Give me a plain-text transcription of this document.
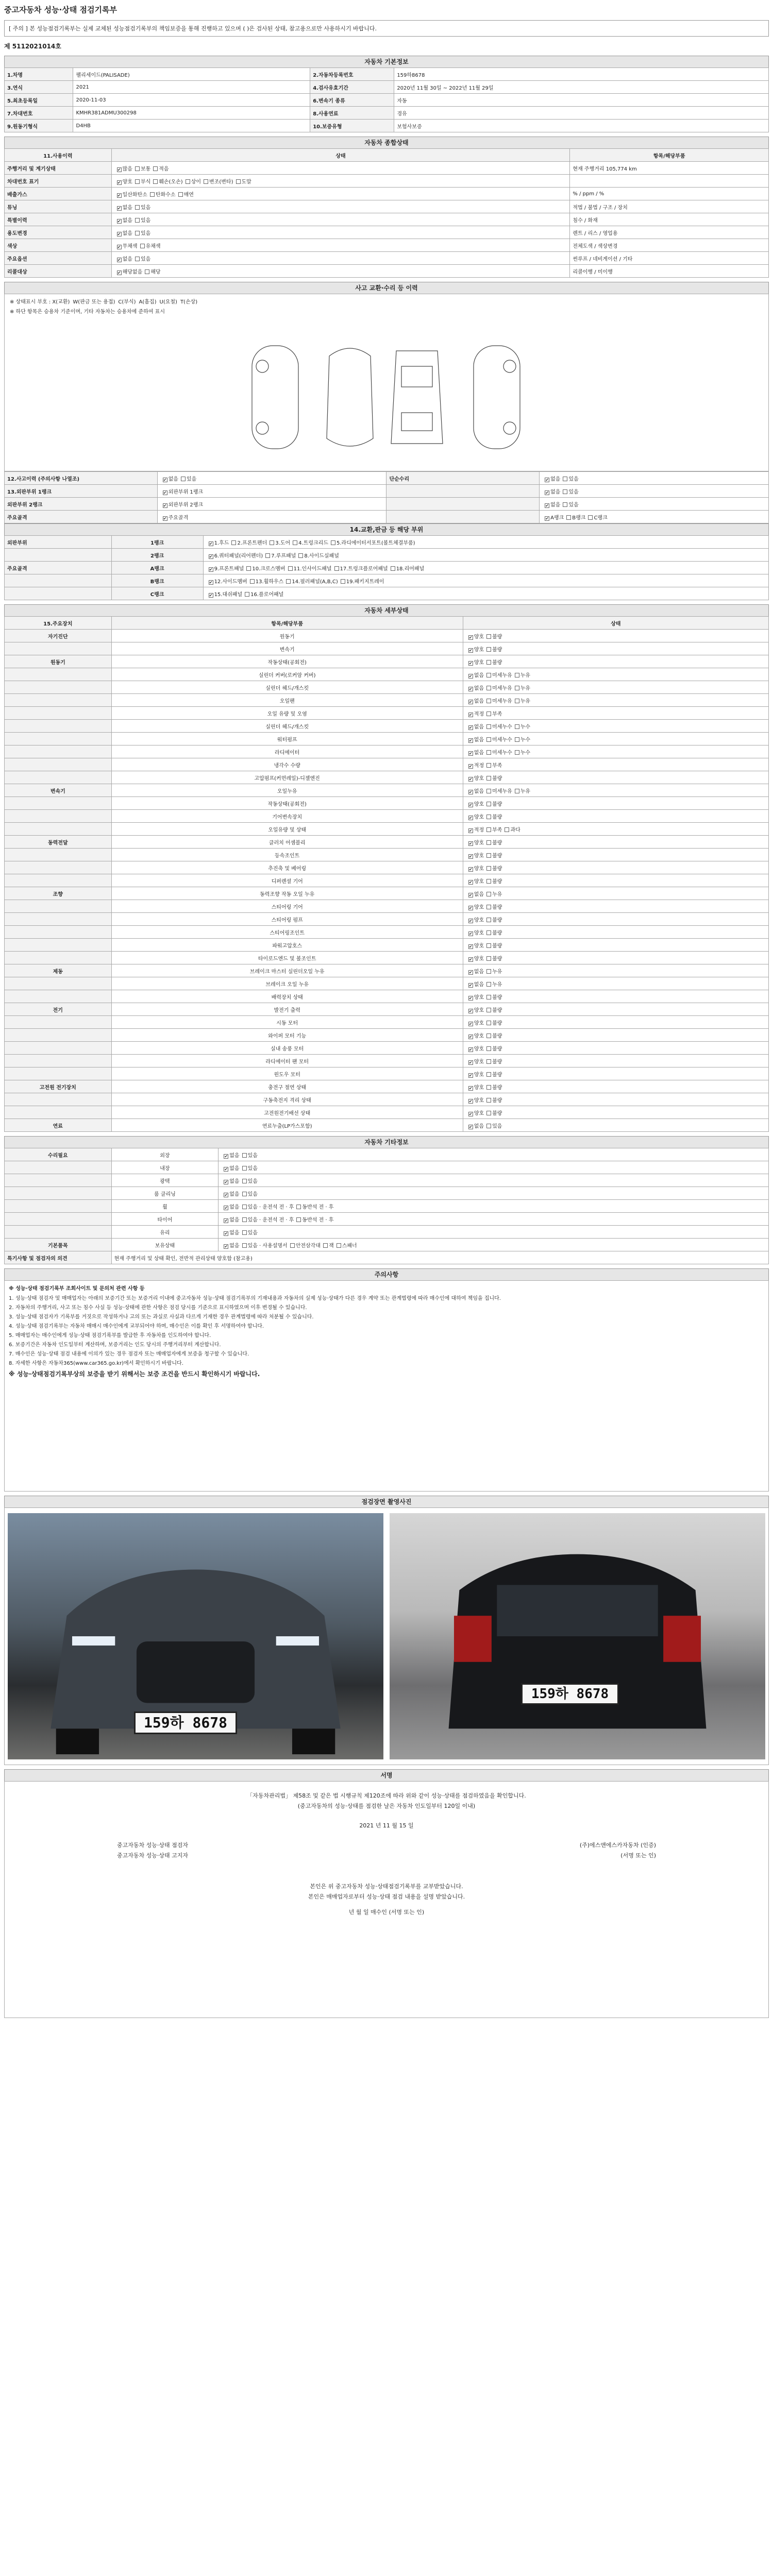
중고자동차 성능·상태 점검기록부
[ 주의 ] 본 성능점검기록부는 실제 교체된 성능점검기록부의 책임보증을 통해 진행하고 있으며 ( )은 검사된 상태, 참고용으로만 사용하시기 바랍니다.
제 5112021014호
자동차 기본정보
1.차명	팰리세이드(PALISADE)	2.자동차등록번호	159하8678
3.연식	2021	4.검사유효기간	2020년 11월 30일 ~ 2022년 11월 29일
5.최초등록일	2020-11-03	6.변속기 종류	자동
7.차대번호	KMHR381ADMU300298	8.사용연료	경유
9.원동기형식	D4HB	10.보증유형	보험사보증
자동차 종합상태
11.사용이력	상태	항목/해당부품
주행거리 및 계기상태	✔많음 보통 적음	현재 주행거리 105,774 km
차대번호 표기	✔양호 부식 훼손(오손) 상이 변조(변타) 도말	
배출가스	✔일산화탄소 탄화수소 매연	% / ppm / %
튜닝	✔없음 있음	적법 / 불법 / 구조 / 장치
특별이력	✔없음 있음	침수 / 화재
용도변경	✔없음 있음	렌트 / 리스 / 영업용
색상	✔무채색 유채색	전체도색 / 색상변경
주요옵션	✔없음 있음	썬루프 / 네비게이션 / 기타
리콜대상	✔해당없음 해당	리콜이행 / 미이행
사고 교환·수리 등 이력
※ 상태표시 부호 : X(교환) W(판금 또는 용접) C(부식) A(흠집) U(요철) T(손상)
※ 하단 항목은 승용차 기준이며, 기타 자동차는 승용차에 준하여 표시
12.사고이력 (주의사항 나열조)	✔없음 있음	단순수리	✔없음 있음
13.외판부위 1랭크	✔외판부위 1랭크		✔없음 있음
외판부위 2랭크	✔외판부위 2랭크		✔없음 있음
주요골격	✔주요골격		✔A랭크 B랭크 C랭크
14.교환,판금 등 해당 부위
외판부위	1랭크	✔1.후드 2.프론트펜더 3.도어 4.트렁크리드 5.라디에이터서포트(볼트체결부품)
	2랭크	✔6.쿼터패널(리어펜더) 7.루프패널 8.사이드실패널
주요골격	A랭크	✔9.프론트패널 10.크로스멤버 11.인사이드패널 17.트렁크플로어패널 18.리어패널
	B랭크	✔12.사이드멤버 13.휠하우스 14.필러패널(A,B,C) 19.패키지트레이
	C랭크	✔15.대쉬패널 16.플로어패널
자동차 세부상태
15.주요장치	항목/해당부품	상태
자기진단	원동기	✔양호 불량
	변속기	✔양호 불량
원동기	작동상태(공회전)	✔양호 불량
	실린더 커버(로커암 커버)	✔없음 미세누유 누유
	실린더 헤드/개스킷	✔없음 미세누유 누유
	오일팬	✔없음 미세누유 누유
	오일 유량 및 오염	✔적정 부족
	실린더 헤드/개스킷	✔없음 미세누수 누수
	워터펌프	✔없음 미세누수 누수
	라디에이터	✔없음 미세누수 누수
	냉각수 수량	✔적정 부족
	고압펌프(커먼레일)-디젤엔진	✔양호 불량
변속기	오일누유	✔없음 미세누유 누유
	작동상태(공회전)	✔양호 불량
	기어변속장치	✔양호 불량
	오일유량 및 상태	✔적정 부족 과다
동력전달	클러치 어셈블리	✔양호 불량
	등속조인트	✔양호 불량
	추진축 및 베어링	✔양호 불량
	디퍼렌셜 기어	✔양호 불량
조향	동력조향 작동 오일 누유	✔없음 누유
	스티어링 기어	✔양호 불량
	스티어링 펌프	✔양호 불량
	스티어링조인트	✔양호 불량
	파워고압호스	✔양호 불량
	타이로드엔드 및 볼조인트	✔양호 불량
제동	브레이크 마스터 실린더오일 누유	✔없음 누유
	브레이크 오일 누유	✔없음 누유
	배력장치 상태	✔양호 불량
전기	발전기 출력	✔양호 불량
	시동 모터	✔양호 불량
	와이퍼 모터 기능	✔양호 불량
	실내 송풍 모터	✔양호 불량
	라디에이터 팬 모터	✔양호 불량
	윈도우 모터	✔양호 불량
고전원 전기장치	충전구 절연 상태	✔양호 불량
	구동축전지 격리 상태	✔양호 불량
	고전원전기배선 상태	✔양호 불량
연료	연료누출(LP가스포함)	✔없음 있음
자동차 기타정보
수리필요	외장	✔없음 있음
	내장	✔없음 있음
	광택	✔없음 있음
	룸 클리닝	✔없음 있음
	휠	✔없음 있음 · 운전석 전 · 후 동반석 전 · 후
	타이어	✔없음 있음 · 운전석 전 · 후 동반석 전 · 후
	유리	✔없음 있음
기본품목	보유상태	✔없음 있음 · 사용설명서 안전삼각대 잭 스패너
특기사항 및 점검자의 의견	현재 주행거리 및 상태 확인, 전반적 관리상태 양호함 (참고용)	
주의사항
※ 성능·상태 점검기록부 조회사이트 및 문의처 관련 사항 등

1. 성능·상태 점검자 및 매매업자는 아래의 보증기간 또는 보증거리 이내에 중고자동차 성능·상태 점검기록부의 기재내용과 자동차의 실제 성능·상태가 다른 경우 계약 또는 관계법령에 따라 매수인에 대하여 책임을 집니다.

2. 자동차의 주행거리, 사고 또는 침수 사실 등 성능·상태에 관한 사항은 점검 당시를 기준으로 표시하였으며 이후 변경될 수 있습니다.

3. 성능·상태 점검자가 기록부를 거짓으로 작성하거나 고의 또는 과실로 사실과 다르게 기재한 경우 관계법령에 따라 처분될 수 있습니다.

4. 성능·상태 점검기록부는 자동차 매매시 매수인에게 교부되어야 하며, 매수인은 이를 확인 후 서명하여야 합니다.

5. 매매업자는 매수인에게 성능·상태 점검기록부를 발급한 후 자동차를 인도하여야 합니다.

6. 보증기간은 자동차 인도일부터 계산하며, 보증거리는 인도 당시의 주행거리부터 계산합니다.

7. 매수인은 성능·상태 점검 내용에 이의가 있는 경우 점검자 또는 매매업자에게 보증을 청구할 수 있습니다.

8. 자세한 사항은 자동차365(www.car365.go.kr)에서 확인하시기 바랍니다.

※ 성능·상태점검기록부상의 보증을 받기 위해서는 보증 조건을 반드시 확인하시기 바랍니다.
점검장면 촬영사진
159하 8678
159하 8678
서명
「자동차관리법」 제58조 및 같은 법 시행규칙 제120조에 따라 위와 같이 성능·상태를 점검하였음을 확인합니다.
(중고자동차의 성능·상태를 점검한 날은 자동차 인도일부터 120일 이내)
2021 년 11 월 15 일
중고자동차 성능·상태 점검자	(주)에스앤에스카자동차 (인증)
중고자동차 성능·상태 고지자	(서명 또는 인)
본인은 위 중고자동차 성능·상태점검기록부를 교부받았습니다.
본인은 매매업자로부터 성능·상태 점검 내용을 설명 받았습니다.
년 월 일 매수인 (서명 또는 인)
